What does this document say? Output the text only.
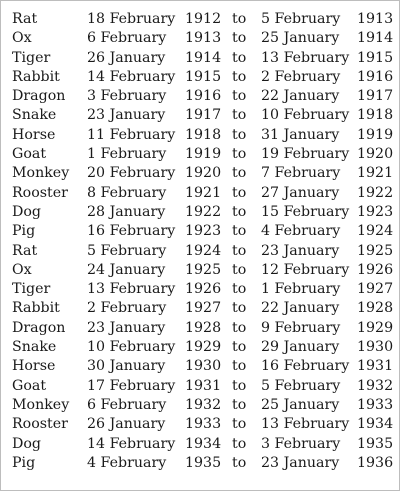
Rat	18 February 1912 to 5 February 1913
Ox	6 February 1913 to 25 January 1914
Tiger	26 January 1914 to 13 February 1915
Rabbit 14 February 1915 to 2 February 1916
Dragon 3 February 1916 to 22 January 1917
Snake 23 January 1917 to 10 February 1918
Horse 11 February 1918 to 31 January 1919
Goat	1 February 1919 to 19 February 1920
Monkey 20 February 1920 to 7 February 1921
Rooster 8 February 1921 to 27 January 1922
Dog	28 January 1922 to 15 February 1923
Pig	16 February 1923 to 4 February 1924
Rat	5 February 1924 to 23 January 1925
Ox	24 January 1925 to 12 February 1926
Tiger	13 February 1926 to 1 February 1927
Rabbit 2 February 1927 to 22 January 1928
Dragon 23 January 1928 to 9 February 1929
Snake 10 February 1929 to 29 January 1930
Horse 30 January 1930 to 16 February 1931
Goat	17 February 1931 to 5 February 1932
Monkey 6 February 1932 to 25 January 1933
Rooster 26 January 1933 to 13 February 1934
Dog	14 February 1934 to 3 February 1935
Pig	4 February 1935 to 23 January 1936
